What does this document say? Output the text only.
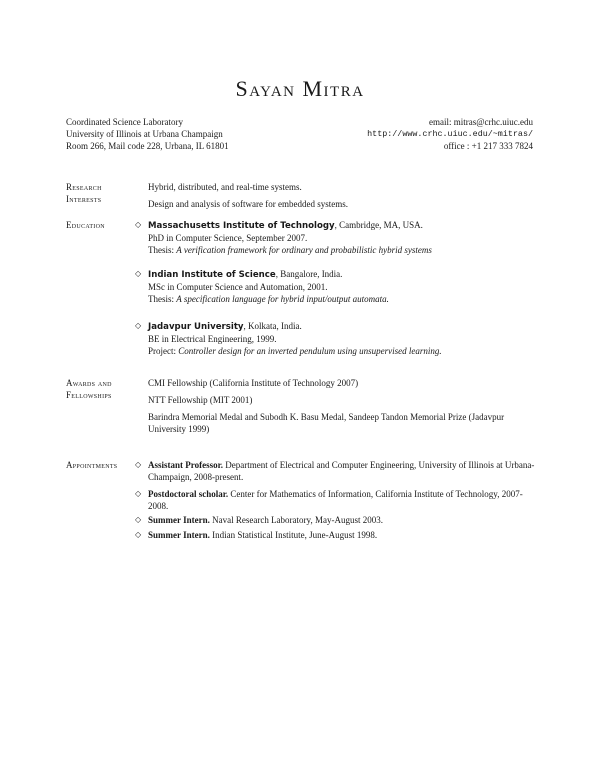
Sayan Mitra
Coordinated Science Laboratory
University of Illinois at Urbana Champaign
Room 266, Mail code 228, Urbana, IL 61801
email: mitras@crhc.uiuc.edu
http://www.crhc.uiuc.edu/~mitras/
office : +1 217 333 7824
Research
Interests

Hybrid, distributed, and real-time systems.

Design and analysis of software for embedded systems.

Education	◇ Massachusetts Institute of Technology, Cambridge, MA, USA.

PhD in Computer Science, September 2007.

Thesis: A verification framework for ordinary and probabilistic hybrid systems

◇ Indian Institute of Science, Bangalore, India.

MSc in Computer Science and Automation, 2001.

Thesis: A specification language for hybrid input/output automata.

◇ Jadavpur University, Kolkata, India.

BE in Electrical Engineering, 1999.

Project: Controller design for an inverted pendulum using unsupervised learning.

Awards and
Fellowships

CMI Fellowship (California Institute of Technology 2007)

NTT Fellowship (MIT 2001)

Barindra Memorial Medal and Subodh K. Basu Medal, Sandeep Tandon Memorial Prize (Jadavpur University 1999)

Appointments	◇ Assistant Professor. Department of Electrical and Computer Engineering, University of Illinois at Urbana-Champaign, 2008-present.

◇ Postdoctoral scholar. Center for Mathematics of Information, California Institute of Technology, 2007-2008.

◇ Summer Intern. Naval Research Laboratory, May-August 2003.

◇ Summer Intern. Indian Statistical Institute, June-August 1998.
